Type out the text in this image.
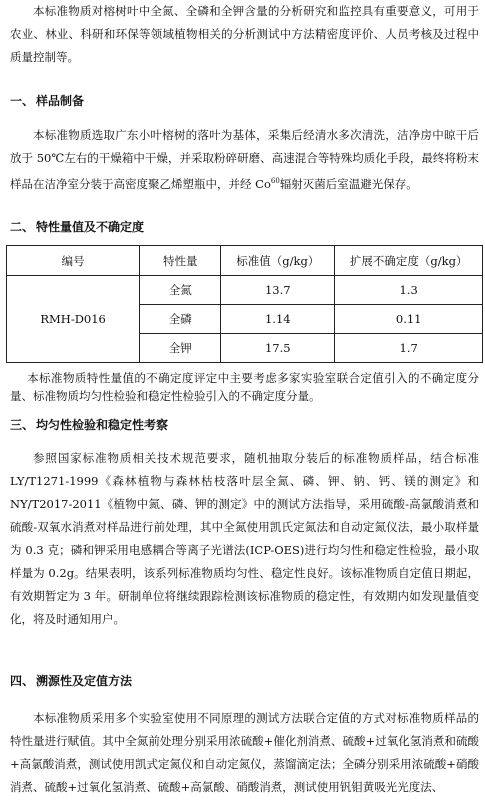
本标准物质对榕树叶中全氮、全磷和全钾含量的分析研究和监控具有重要意义，可用于农业、林业、科研和环保等领域植物相关的分析测试中方法精密度评价、人员考核及过程中质量控制等。

一、 样品制备

本标准物质选取广东小叶榕树的落叶为基体，采集后经清水多次清洗，洁净房中晾干后放于 50℃左右的干燥箱中干燥，并采取粉碎研磨、高速混合等特殊均质化手段，最终将粉末样品在洁净室分装于高密度聚乙烯塑瓶中，并经 Co$^{60}$辐射灭菌后室温避光保存。

二、 特性量值及不确定度
编号	特性量	标准值（g/kg）	扩展不确定度（g/kg）
RMH-D016	全氮	13.7	1.3
	全磷	1.14	0.11
	全钾	17.5	1.7

本标准物质特性量值的不确定度评定中主要考虑多家实验室联合定值引入的不确定度分量、标准物质均匀性检验和稳定性检验引入的不确定度分量。

三、 均匀性检验和稳定性考察

参照国家标准物质相关技术规范要求，随机抽取分装后的标准物质样品，结合标准 LY/T1271-1999《森林植物与森林枯枝落叶层全氮、磷、钾、钠、钙、镁的测定》和 NY/T2017-2011《植物中氮、磷、钾的测定》中的测试方法指导，采用硫酸-高氯酸消煮和硫酸-双氧水消煮对样品进行前处理，其中全氮使用凯氏定氮法和自动定氮仪法，最小取样量为 0.3 克；磷和钾采用电感耦合等离子光谱法(ICP-OES)进行均匀性和稳定性检验，最小取样量为 0.2g。结果表明，该系列标准物质均匀性、稳定性良好。该标准物质自定值日期起，有效期暂定为 3 年。研制单位将继续跟踪检测该标准物质的稳定性，有效期内如发现量值变化，将及时通知用户。

四、 溯源性及定值方法

本标准物质采用多个实验室使用不同原理的测试方法联合定值的方式对标准物质样品的特性量进行赋值。其中全氮前处理分别采用浓硫酸+催化剂消煮、硫酸+过氧化氢消煮和硫酸+高氯酸消煮，测试使用凯式定氮仪和自动定氮仪，蒸馏滴定法；全磷分别采用浓硫酸+硝酸消煮、硫酸+过氧化氢消煮、硫酸+高氯酸、硝酸消煮，测试使用钒钼黄吸光光度法、
